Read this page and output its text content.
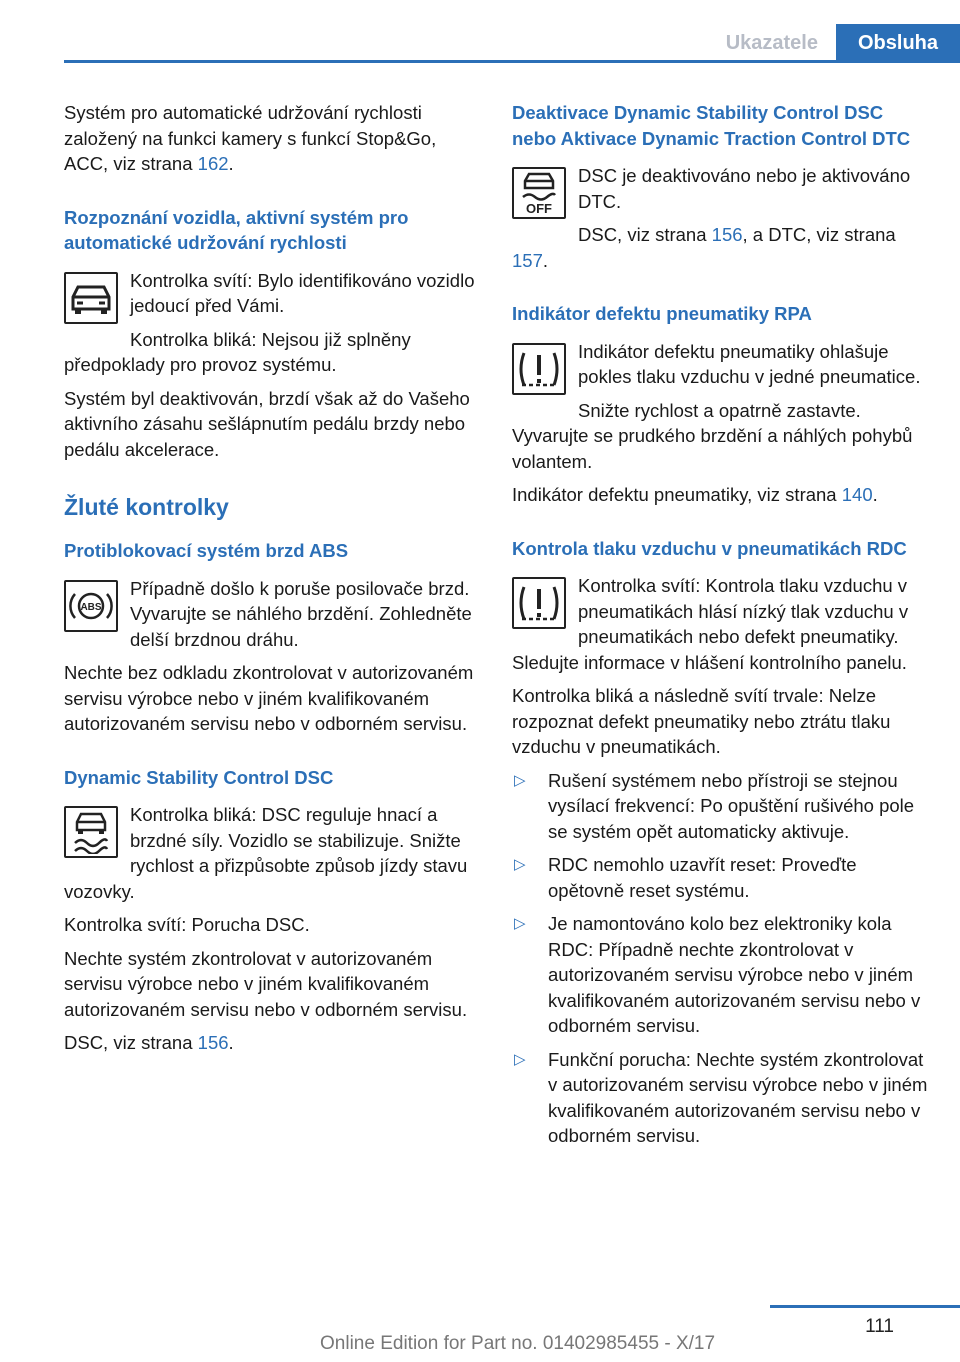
Ukazatele	Obsluha

Systém pro automatické udržování rychlosti založený na funkci kamery s funkcí Stop&Go, ACC, viz strana 162.

Rozpoznání vozidla, aktivní systém pro automatické udržování rychlosti

Kontrolka svítí: Bylo identifikováno vozidlo jedoucí před Vámi.

Kontrolka bliká: Nejsou již splněny předpoklady pro provoz systému.

Systém byl deaktivován, brzdí však až do Vašeho aktivního zásahu sešlápnutím pedálu brzdy nebo pedálu akcelerace.

Žluté kontrolky
Protiblokovací systém brzd ABS
ABS

Případně došlo k poruše posilovače brzd. Vyvarujte se náhlého brzdění. Zohledněte delší brzdnou dráhu.

Nechte bez odkladu zkontrolovat v autorizovaném servisu výrobce nebo v jiném kvalifikovaném autorizovaném servisu nebo v odborném servisu.

Dynamic Stability Control DSC

Kontrolka bliká: DSC reguluje hnací a brzdné síly. Vozidlo se stabilizuje. Snižte rychlost a přizpůsobte způsob jízdy stavu vozovky.

Kontrolka svítí: Porucha DSC.

Nechte systém zkontrolovat v autorizovaném servisu výrobce nebo v jiném kvalifikovaném autorizovaném servisu nebo v odborném servisu.

DSC, viz strana 156.

Deaktivace Dynamic Stability Control DSC nebo Aktivace Dynamic Traction Control DTC
OFF

DSC je deaktivováno nebo je aktivováno DTC.

DSC, viz strana 156, a DTC, viz strana 157.

Indikátor defektu pneumatiky RPA

Indikátor defektu pneumatiky ohlašuje pokles tlaku vzduchu v jedné pneumatice.

Snižte rychlost a opatrně zastavte. Vyvarujte se prudkého brzdění a náhlých pohybů volantem.

Indikátor defektu pneumatiky, viz strana 140.

Kontrola tlaku vzduchu v pneumatikách RDC

Kontrolka svítí: Kontrola tlaku vzduchu v pneumatikách hlásí nízký tlak vzduchu v pneumatikách nebo defekt pneumatiky. Sledujte informace v hlášení kontrolního panelu.

Kontrolka bliká a následně svítí trvale: Nelze rozpoznat defekt pneumatiky nebo ztrátu tlaku vzduchu v pneumatikách.

▷	Rušení systémem nebo přístroji se stejnou vysílací frekvencí: Po opuštění rušivého pole se systém opět automaticky aktivuje.
▷	RDC nemohlo uzavřít reset: Proveďte opětovně reset systému.
▷	Je namontováno kolo bez elektroniky kola RDC: Případně nechte zkontrolovat v autorizovaném servisu výrobce nebo v jiném kvalifikovaném autorizovaném servisu nebo v odborném servisu.
▷	Funkční porucha: Nechte systém zkontrolovat v autorizovaném servisu výrobce nebo v jiném kvalifikovaném autorizovaném servisu nebo v odborném servisu.
111
Online Edition for Part no. 01402985455 - X/17
